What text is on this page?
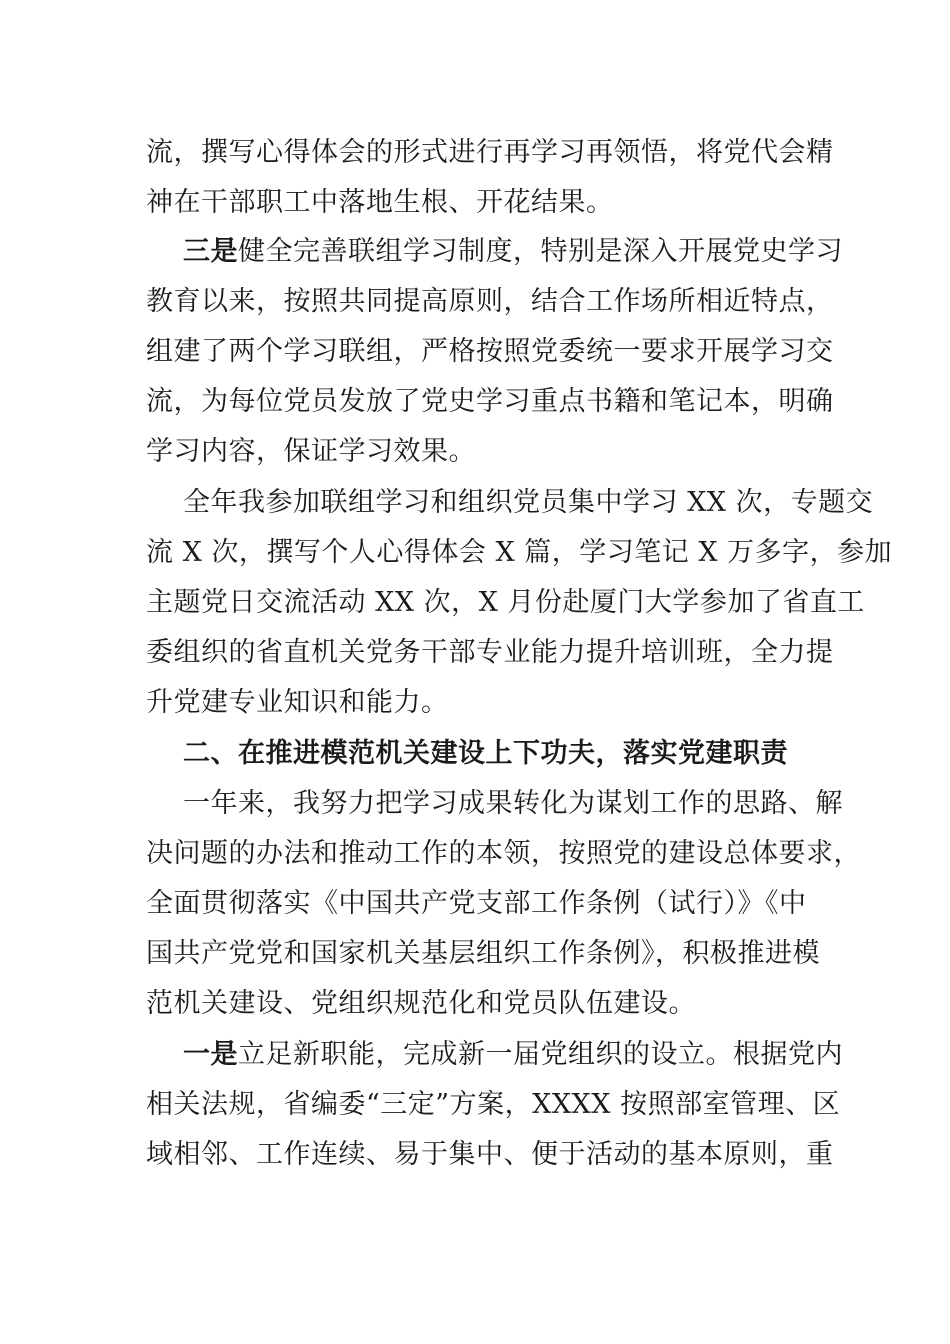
流，撰写心得体会的形式进行再学习再领悟，将党代会精
神在干部职工中落地生根、开花结果。
三是健全完善联组学习制度，特别是深入开展党史学习
教育以来，按照共同提高原则，结合工作场所相近特点，
组建了两个学习联组，严格按照党委统一要求开展学习交
流，为每位党员发放了党史学习重点书籍和笔记本，明确
学习内容，保证学习效果。
全年我参加联组学习和组织党员集中学习 XX 次，专题交
流 X 次，撰写个人心得体会 X 篇，学习笔记 X 万多字，参加
主题党日交流活动 XX 次，X 月份赴厦门大学参加了省直工
委组织的省直机关党务干部专业能力提升培训班，全力提
升党建专业知识和能力。
二、在推进模范机关建设上下功夫，落实党建职责
一年来，我努力把学习成果转化为谋划工作的思路、解
决问题的办法和推动工作的本领，按照党的建设总体要求，
全面贯彻落实《中国共产党支部工作条例（试行）》《中
国共产党党和国家机关基层组织工作条例》，积极推进模
范机关建设、党组织规范化和党员队伍建设。
一是立足新职能，完成新一届党组织的设立。根据党内
相关法规，省编委“三定”方案，XXXX 按照部室管理、区
域相邻、工作连续、易于集中、便于活动的基本原则，重
